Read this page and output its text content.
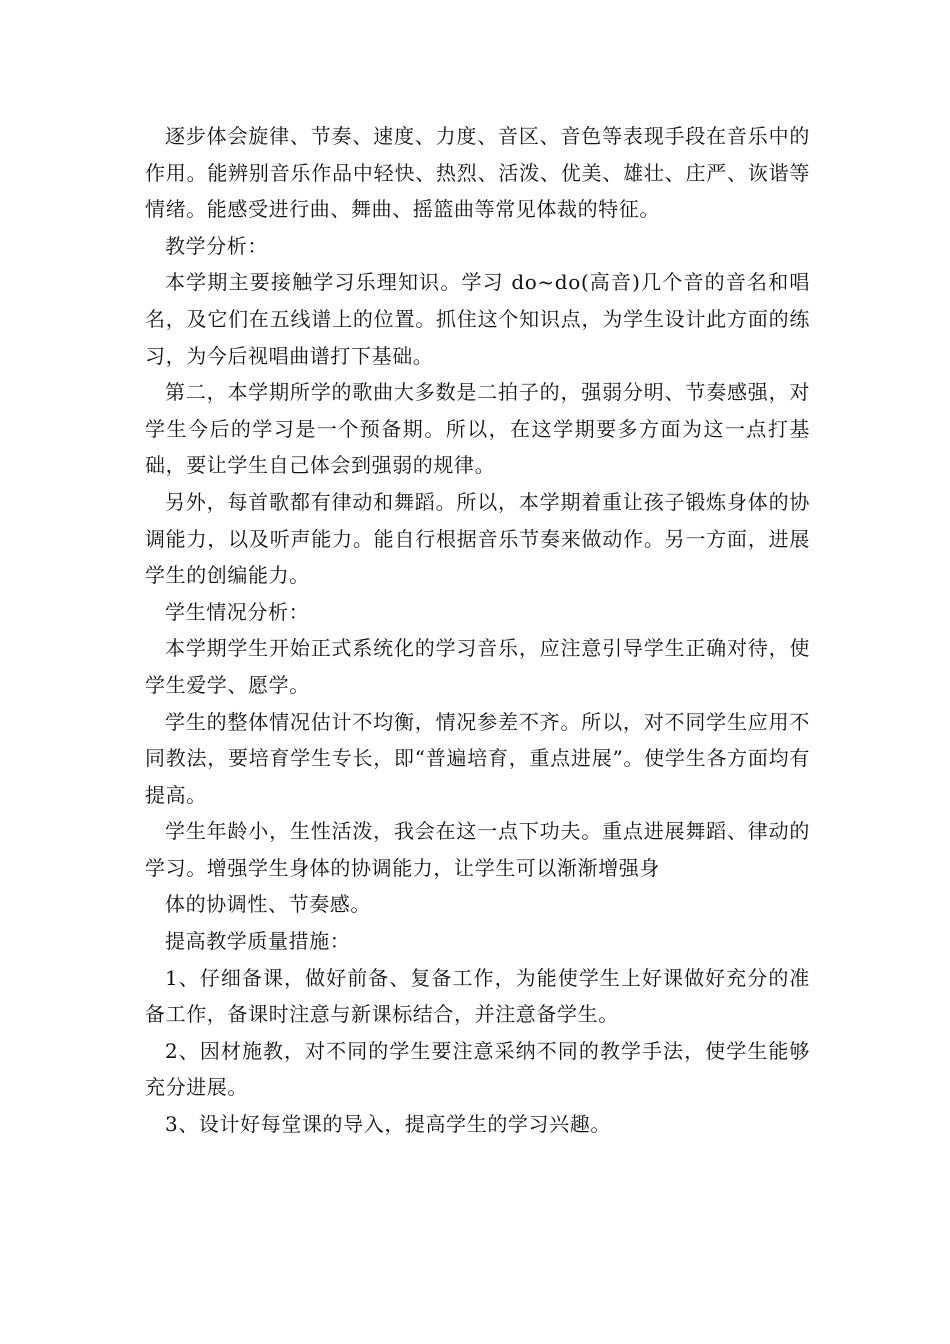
逐步体会旋律、节奏、速度、力度、音区、音色等表现手段在音乐中的作用。能辨别音乐作品中轻快、热烈、活泼、优美、雄壮、庄严、诙谐等情绪。能感受进行曲、舞曲、摇篮曲等常见体裁的特征。

教学分析：

本学期主要接触学习乐理知识。学习 do~do(高音)几个音的音名和唱名，及它们在五线谱上的位置。抓住这个知识点，为学生设计此方面的练习，为今后视唱曲谱打下基础。

第二，本学期所学的歌曲大多数是二拍子的，强弱分明、节奏感强，对学生今后的学习是一个预备期。所以，在这学期要多方面为这一点打基础，要让学生自己体会到强弱的规律。

另外，每首歌都有律动和舞蹈。所以，本学期着重让孩子锻炼身体的协调能力，以及听声能力。能自行根据音乐节奏来做动作。另一方面，进展学生的创编能力。

学生情况分析：

本学期学生开始正式系统化的学习音乐，应注意引导学生正确对待，使学生爱学、愿学。

学生的整体情况估计不均衡，情况参差不齐。所以，对不同学生应用不同教法，要培育学生专长，即“普遍培育，重点进展”。使学生各方面均有提高。

学生年龄小，生性活泼，我会在这一点下功夫。重点进展舞蹈、律动的学习。增强学生身体的协调能力，让学生可以渐渐增强身

体的协调性、节奏感。

提高教学质量措施：

1、仔细备课，做好前备、复备工作，为能使学生上好课做好充分的准备工作，备课时注意与新课标结合，并注意备学生。

2、因材施教，对不同的学生要注意采纳不同的教学手法，使学生能够充分进展。

3、设计好每堂课的导入，提高学生的学习兴趣。
